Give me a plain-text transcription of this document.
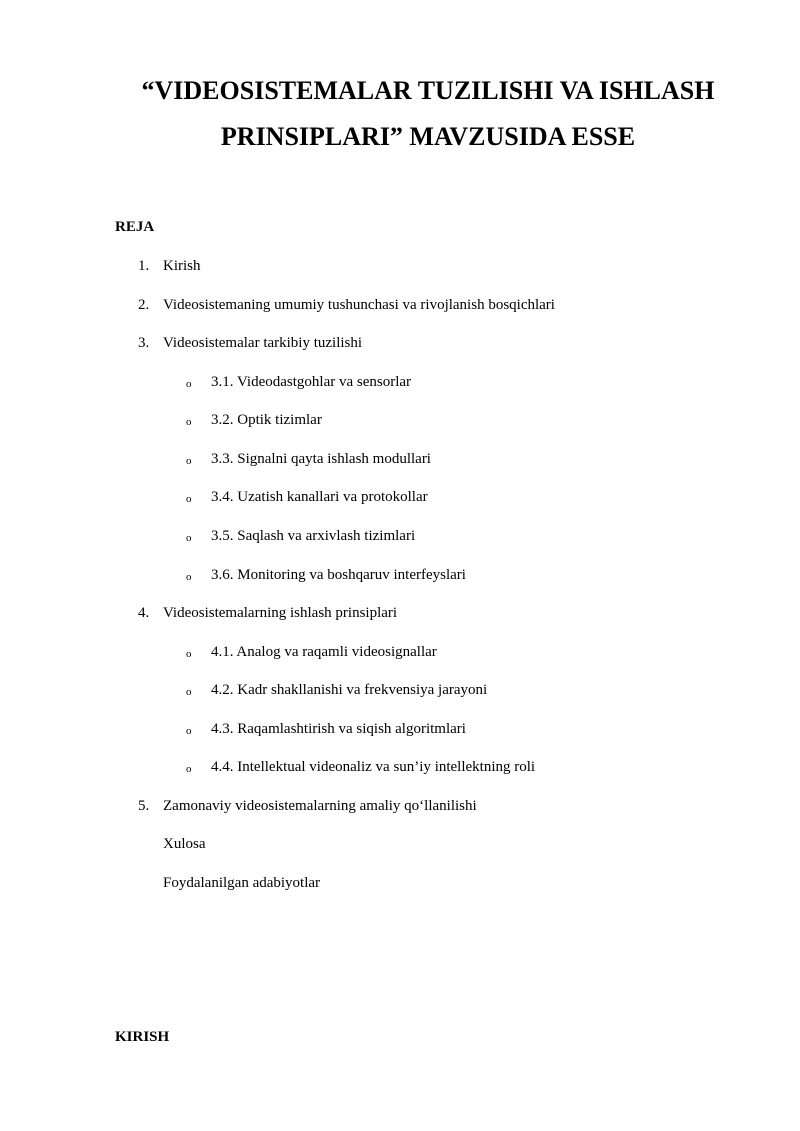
“VIDEOSISTEMALAR TUZILISHI VA ISHLASH
PRINSIPLARI” MAVZUSIDA ESSE
REJA
1. Kirish
2. Videosistemaning umumiy tushunchasi va rivojlanish bosqichlari
3. Videosistemalar tarkibiy tuzilishi
o 3.1. Videodastgohlar va sensorlar
o 3.2. Optik tizimlar
o 3.3. Signalni qayta ishlash modullari
o 3.4. Uzatish kanallari va protokollar
o 3.5. Saqlash va arxivlash tizimlari
o 3.6. Monitoring va boshqaruv interfeyslari
4. Videosistemalarning ishlash prinsiplari
o 4.1. Analog va raqamli videosignallar
o 4.2. Kadr shakllanishi va frekvensiya jarayoni
o 4.3. Raqamlashtirish va siqish algoritmlari
o 4.4. Intellektual videonaliz va sun’iy intellektning roli
5. Zamonaviy videosistemalarning amaliy qo‘llanilishi
Xulosa
Foydalanilgan adabiyotlar
KIRISH
